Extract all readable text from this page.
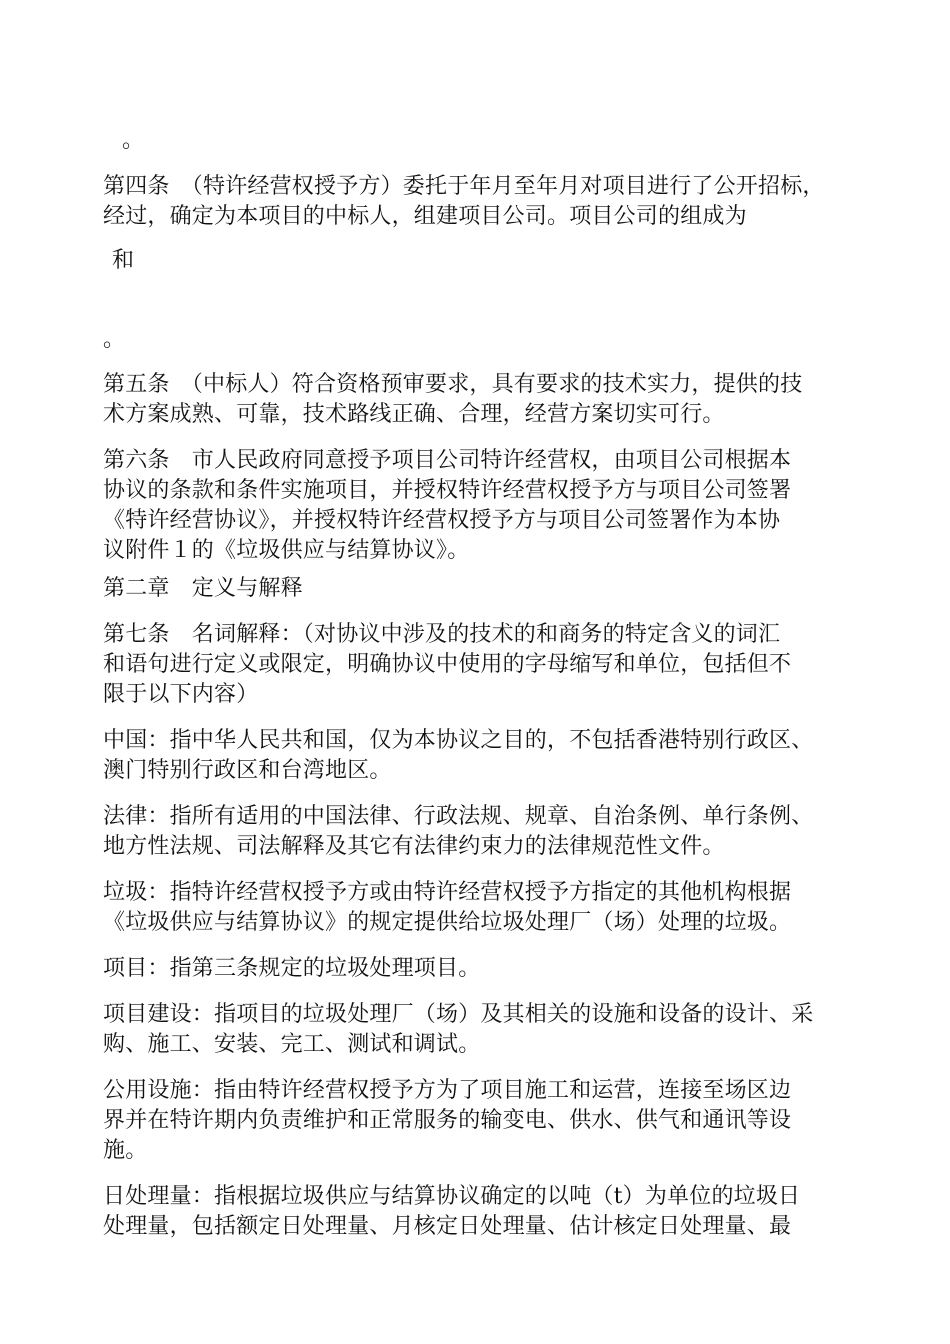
。
第四条　（特许经营权授予方）委托于年月至年月对项目进行了公开招标，
经过，确定为本项目的中标人，组建项目公司。项目公司的组成为
和
。
第五条　（中标人）符合资格预审要求，具有要求的技术实力，提供的技
术方案成熟、可靠，技术路线正确、合理，经营方案切实可行。
第六条　市人民政府同意授予项目公司特许经营权，由项目公司根据本
协议的条款和条件实施项目，并授权特许经营权授予方与项目公司签署
《特许经营协议》，并授权特许经营权授予方与项目公司签署作为本协
议附件１的《垃圾供应与结算协议》。
第二章　定义与解释
第七条　名词解释：（对协议中涉及的技术的和商务的特定含义的词汇
和语句进行定义或限定，明确协议中使用的字母缩写和单位，包括但不
限于以下内容）
中国：指中华人民共和国，仅为本协议之目的，不包括香港特别行政区、
澳门特别行政区和台湾地区。
法律：指所有适用的中国法律、行政法规、规章、自治条例、单行条例、
地方性法规、司法解释及其它有法律约束力的法律规范性文件。
垃圾：指特许经营权授予方或由特许经营权授予方指定的其他机构根据
《垃圾供应与结算协议》的规定提供给垃圾处理厂（场）处理的垃圾。
项目：指第三条规定的垃圾处理项目。
项目建设：指项目的垃圾处理厂（场）及其相关的设施和设备的设计、采
购、施工、安装、完工、测试和调试。
公用设施：指由特许经营权授予方为了项目施工和运营，连接至场区边
界并在特许期内负责维护和正常服务的输变电、供水、供气和通讯等设
施。
日处理量：指根据垃圾供应与结算协议确定的以吨（t）为单位的垃圾日
处理量，包括额定日处理量、月核定日处理量、估计核定日处理量、最
